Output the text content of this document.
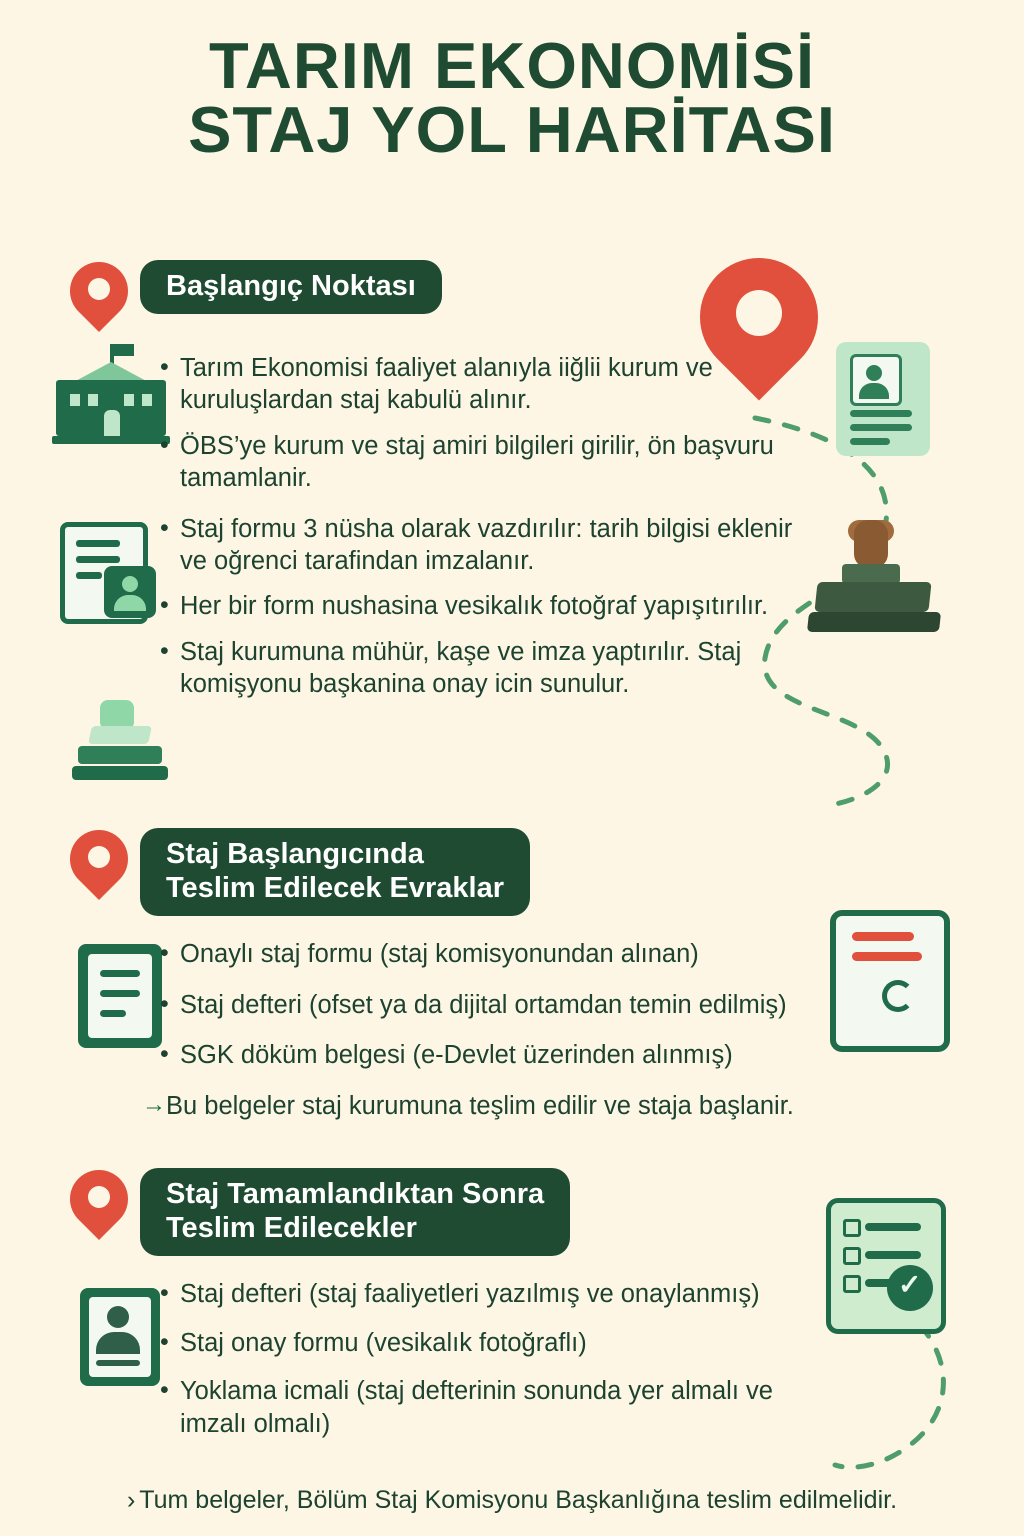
TARIM EKONOMİSİ
STAJ YOL HARİTASI
✓
Başlangıç Noktası
• Tarım Ekonomisi faaliyet alanıyla iiğlii kurum ve kuruluşlardan staj kabulü alınır.
• ÖBS’ye kurum ve staj amiri bilgileri girilir, ön başvuru tamamlanir.
• Staj formu 3 nüsha olarak vazdırılır: tarih bilgisi eklenir ve oğrenci tarafindan imzalanır.
• Her bir form nushasina vesikalık fotoğraf yapışıtırılır.
• Staj kurumuna mühür, kaşe ve imza yaptırılır. Staj komişyonu başkanina onay icin sunulur.
Staj Başlangıcında
Teslim Edilecek Evraklar
• Onaylı staj formu (staj komisyonundan alınan)
• Staj defteri (ofset ya da dijital ortamdan temin edilmiş)
• SGK döküm belgesi (e-Devlet üzerinden alınmış)
→ Bu belgeler staj kurumuna teşlim edilir ve staja başlanir.
Staj Tamamlandıktan Sonra
Teslim Edilecekler
• Staj defteri (staj faaliyetleri yazılmış ve onaylanmış)
• Staj onay formu (vesikalık fotoğraflı)
• Yoklama icmali (staj defterinin sonunda yer almalı ve imzalı olmalı)
› Tum belgeler, Bölüm Staj Komisyonu Başkanlığına teslim edilmelidir.
